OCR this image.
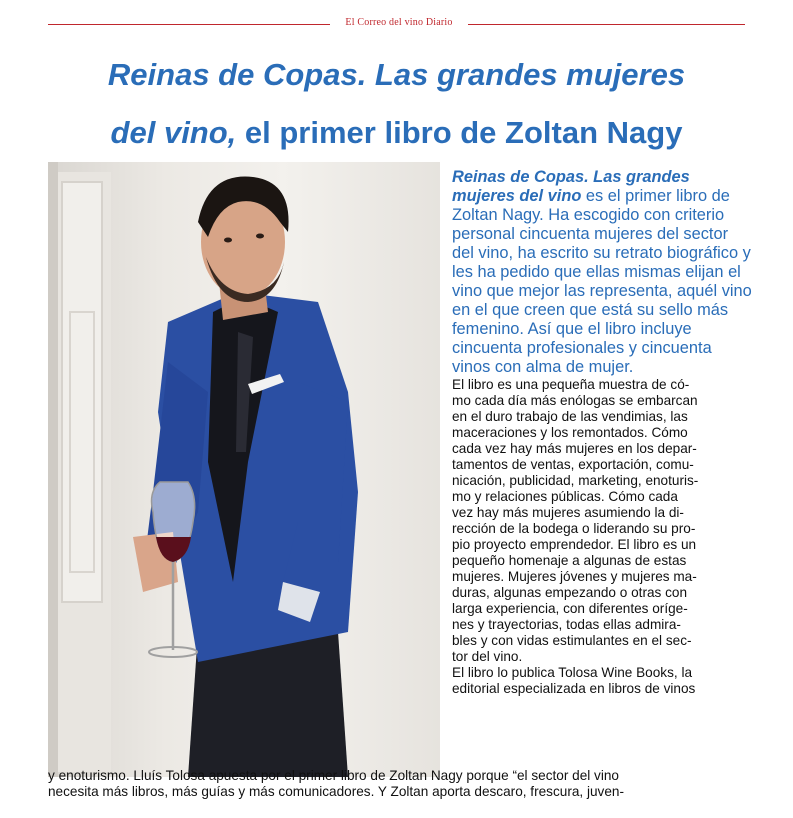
El Correo del vino Diario
Reinas de Copas. Las grandes mujeres
del vino, el primer libro de Zoltan Nagy

Reinas de Copas. Las grandes mujeres del vino es el primer libro de Zoltan Nagy. Ha escogido con criterio personal cincuenta mujeres del sector del vino, ha escrito su retrato biográfico y les ha pedido que ellas mismas elijan el vino que mejor las representa, aquél vino en el que creen que está su sello más femenino. Así que el libro incluye cincuenta profesionales y cincuenta vinos con alma de mujer.

El libro es una pequeña muestra de có-
mo cada día más enólogas se embarcan
en el duro trabajo de las vendimias, las
maceraciones y los remontados. Cómo
cada vez hay más mujeres en los depar-
tamentos de ventas, exportación, comu-
nicación, publicidad, marketing, enoturis-
mo y relaciones públicas. Cómo cada
vez hay más mujeres asumiendo la di-
rección de la bodega o liderando su pro-
pio proyecto emprendedor. El libro es un
pequeño homenaje a algunas de estas
mujeres. Mujeres jóvenes y mujeres ma-
duras, algunas empezando o otras con
larga experiencia, con diferentes oríge-
nes y trayectorias, todas ellas admira-
bles y con vidas estimulantes en el sec-
tor del vino.
El libro lo publica Tolosa Wine Books, la
editorial especializada en libros de vinos
y enoturismo. Lluís Tolosa apuesta por el primer libro de Zoltan Nagy porque “el sector del vino
necesita más libros, más guías y más comunicadores. Y Zoltan aporta descaro, frescura, juven-
